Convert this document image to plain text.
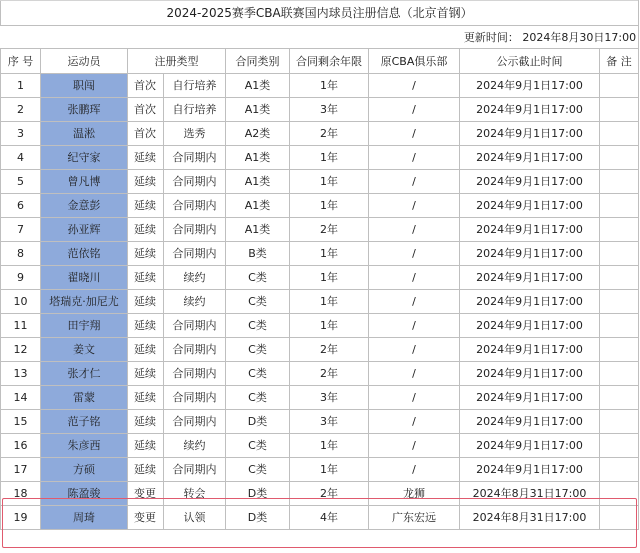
2024-2025赛季CBA联赛国内球员注册信息（北京首钢）								
更新时间： 2024年8月30日17:00								
序 号	运动员	注册类型		合同类别	合同剩余年限	原CBA俱乐部	公示截止时间	备 注
1	职闯	首次	自行培养	A1类	1年	/	2024年9月1日17:00	
2	张鹏珲	首次	自行培养	A1类	3年	/	2024年9月1日17:00	
3	温淞	首次	选秀	A2类	2年	/	2024年9月1日17:00	
4	纪守家	延续	合同期内	A1类	1年	/	2024年9月1日17:00	
5	曾凡博	延续	合同期内	A1类	1年	/	2024年9月1日17:00	
6	金意彭	延续	合同期内	A1类	1年	/	2024年9月1日17:00	
7	孙亚辉	延续	合同期内	A1类	2年	/	2024年9月1日17:00	
8	范依铭	延续	合同期内	B类	1年	/	2024年9月1日17:00	
9	翟晓川	延续	续约	C类	1年	/	2024年9月1日17:00	
10	塔瑞克·加尼尤	延续	续约	C类	1年	/	2024年9月1日17:00	
11	田宇翔	延续	合同期内	C类	1年	/	2024年9月1日17:00	
12	姜文	延续	合同期内	C类	2年	/	2024年9月1日17:00	
13	张才仁	延续	合同期内	C类	2年	/	2024年9月1日17:00	
14	雷蒙	延续	合同期内	C类	3年	/	2024年9月1日17:00	
15	范子铭	延续	合同期内	D类	3年	/	2024年9月1日17:00	
16	朱彦西	延续	续约	C类	1年	/	2024年9月1日17:00	
17	方硕	延续	合同期内	C类	1年	/	2024年9月1日17:00	
18	陈盈骏	变更	转会	D类	2年	龙狮	2024年8月31日17:00	
19	周琦	变更	认领	D类	4年	广东宏远	2024年8月31日17:00	
